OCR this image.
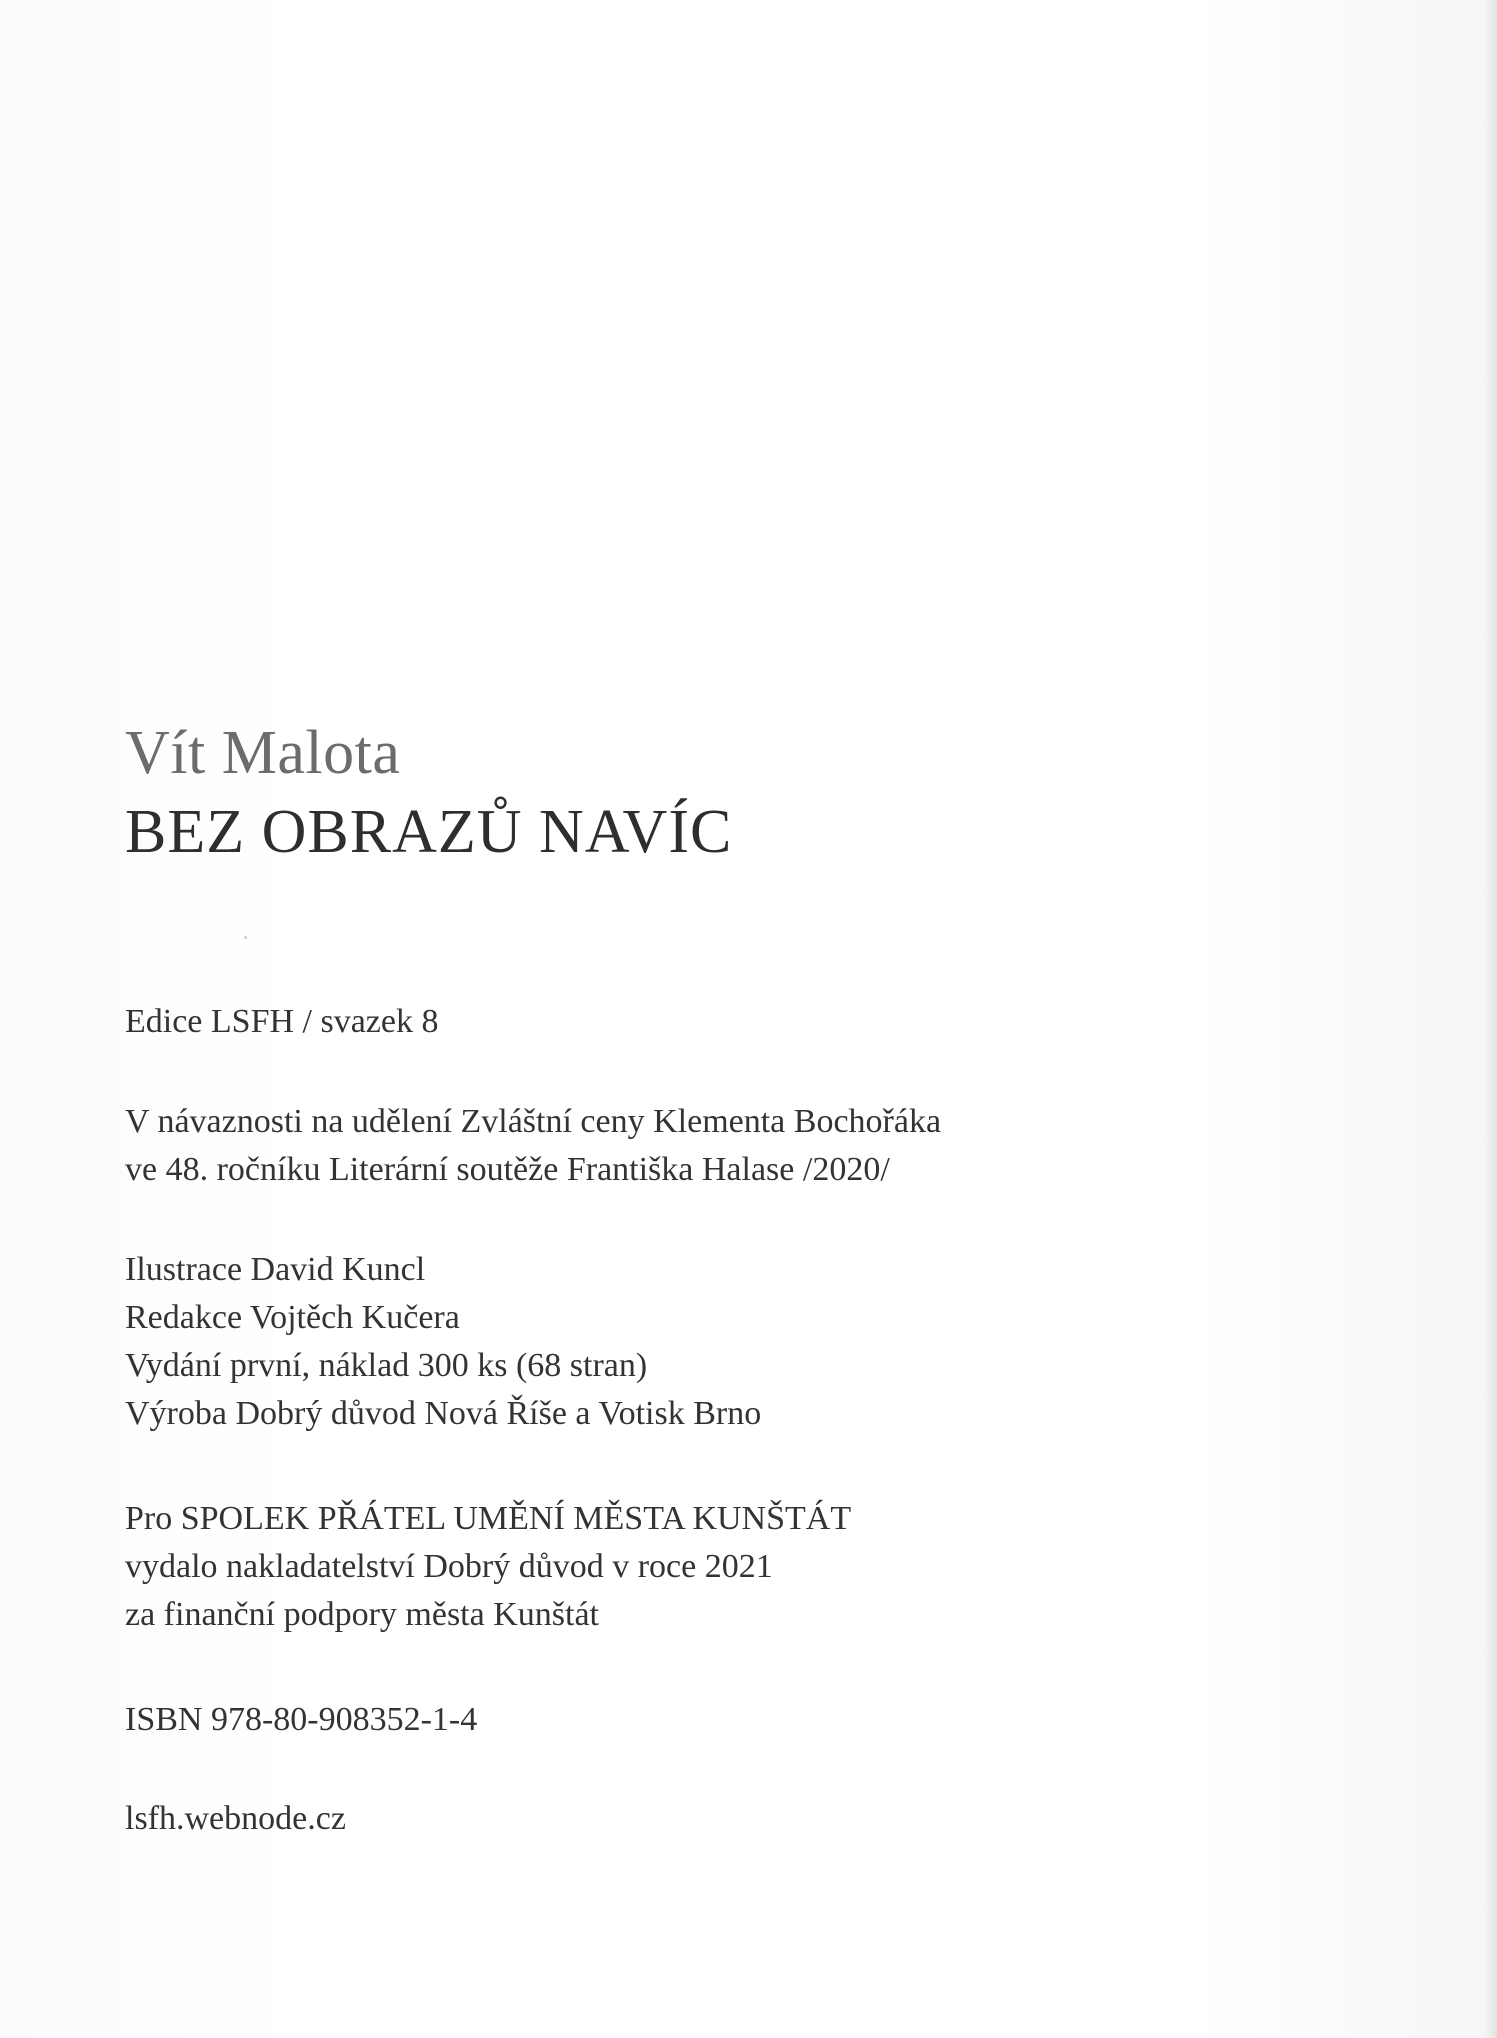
Vít Malota
BEZ OBRAZŮ NAVÍC

Edice LSFH / svazek 8

V návaznosti na udělení Zvláštní ceny Klementa Bochořáka

ve 48. ročníku Literární soutěže Františka Halase /2020/

Ilustrace David Kuncl

Redakce Vojtěch Kučera

Vydání první, náklad 300 ks (68 stran)

Výroba Dobrý důvod Nová Říše a Votisk Brno

Pro SPOLEK PŘÁTEL UMĚNÍ MĚSTA KUNŠTÁT

vydalo nakladatelství Dobrý důvod v roce 2021

za finanční podpory města Kunštát

ISBN 978-80-908352-1-4

lsfh.webnode.cz
